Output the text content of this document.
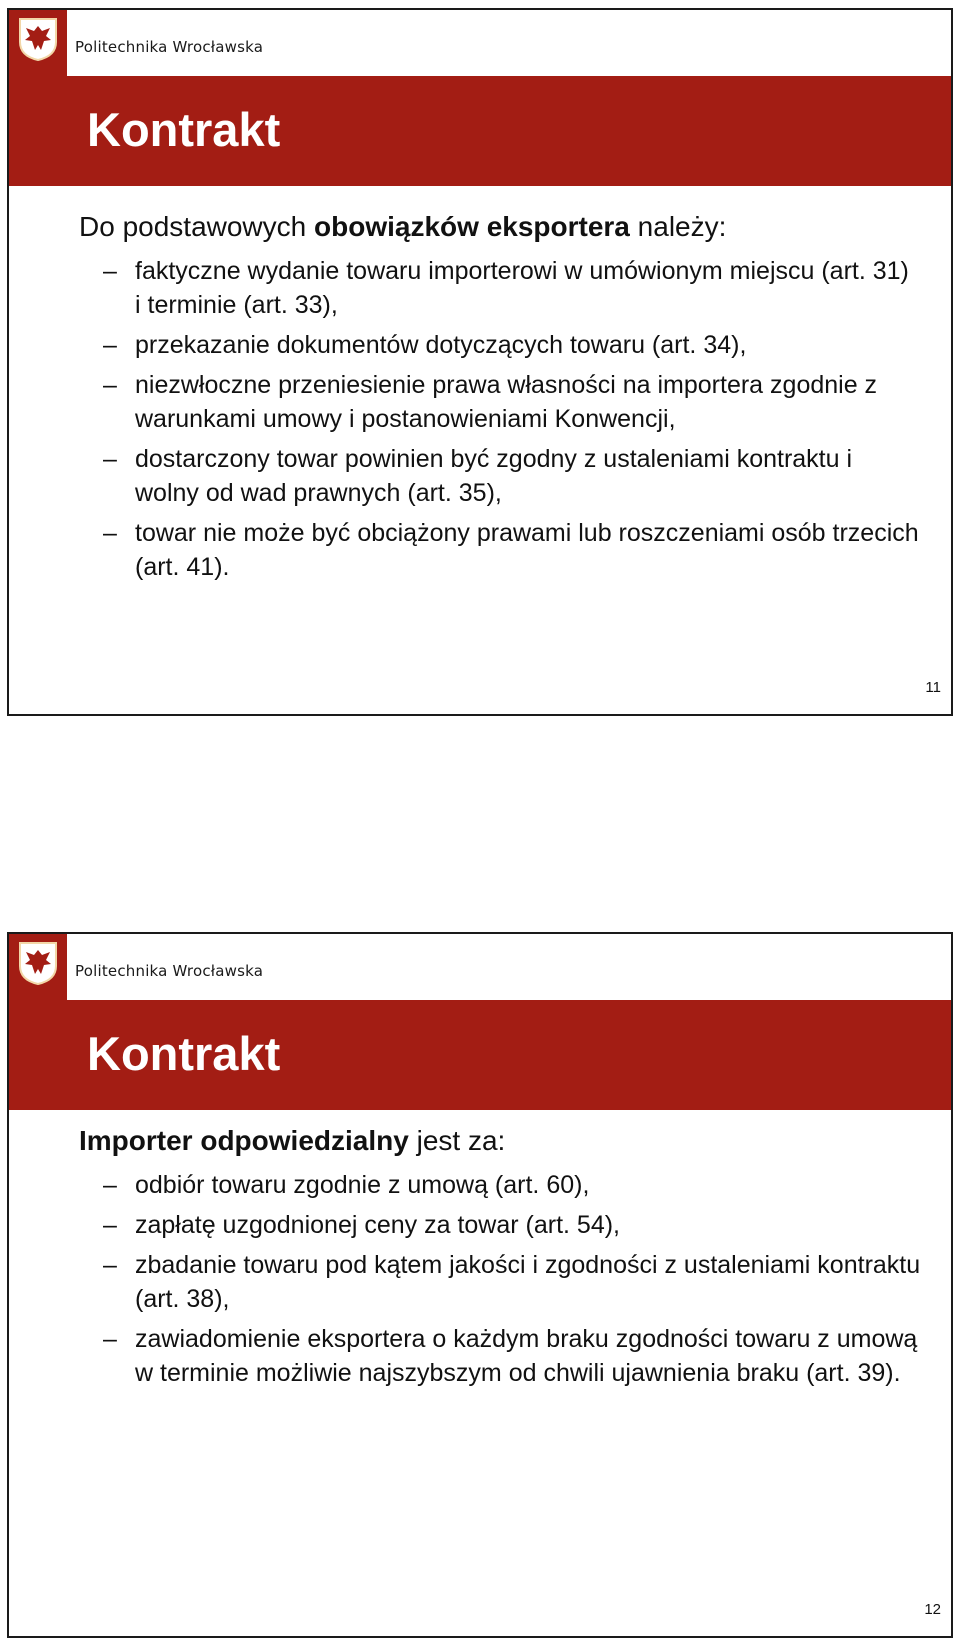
Politechnika Wrocławska
Kontrakt

Do podstawowych obowiązków eksportera należy:

– faktyczne wydanie towaru importerowi w umówionym miejscu (art. 31) i terminie (art. 33),
– przekazanie dokumentów dotyczących towaru (art. 34),
– niezwłoczne przeniesienie prawa własności na importera zgodnie z warunkami umowy i postanowieniami Konwencji,
– dostarczony towar powinien być zgodny z ustaleniami kontraktu i wolny od wad prawnych (art. 35),
– towar nie może być obciążony prawami lub roszczeniami osób trzecich (art. 41).
11
Politechnika Wrocławska
Kontrakt

Importer odpowiedzialny jest za:

– odbiór towaru zgodnie z umową (art. 60),
– zapłatę uzgodnionej ceny za towar (art. 54),
– zbadanie towaru pod kątem jakości i zgodności z ustaleniami kontraktu (art. 38),
– zawiadomienie eksportera o każdym braku zgodności towaru z umową w terminie możliwie najszybszym od chwili ujawnienia braku (art. 39).
12
